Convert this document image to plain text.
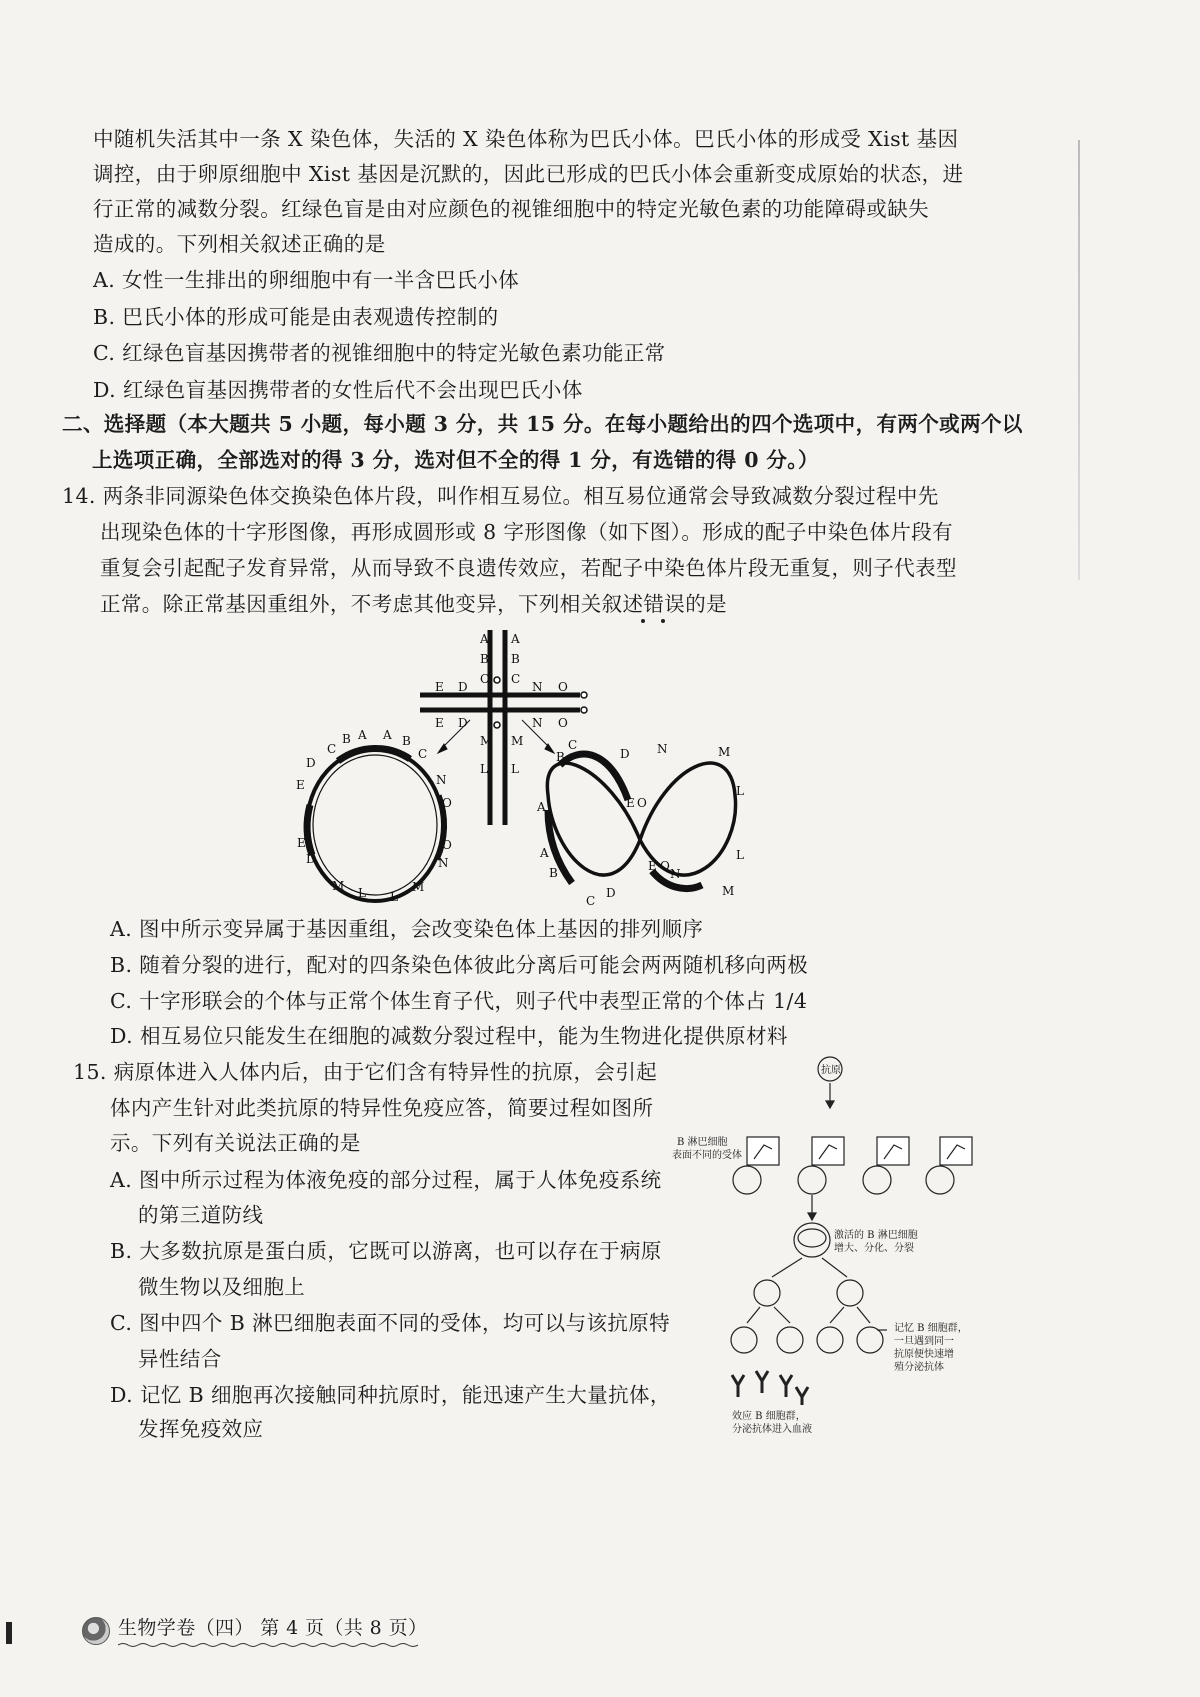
中随机失活其中一条 X 染色体，失活的 X 染色体称为巴氏小体。巴氏小体的形成受 Xist 基因
调控，由于卵原细胞中 Xist 基因是沉默的，因此已形成的巴氏小体会重新变成原始的状态，进
行正常的减数分裂。红绿色盲是由对应颜色的视锥细胞中的特定光敏色素的功能障碍或缺失
造成的。下列相关叙述正确的是
A. 女性一生排出的卵细胞中有一半含巴氏小体
B. 巴氏小体的形成可能是由表观遗传控制的
C. 红绿色盲基因携带者的视锥细胞中的特定光敏色素功能正常
D. 红绿色盲基因携带者的女性后代不会出现巴氏小体
二、选择题（本大题共 5 小题，每小题 3 分，共 15 分。在每小题给出的四个选项中，有两个或两个以
上选项正确，全部选对的得 3 分，选对但不全的得 1 分，有选错的得 0 分。）
14. 两条非同源染色体交换染色体片段，叫作相互易位。相互易位通常会导致减数分裂过程中先
出现染色体的十字形图像，再形成圆形或 8 字形图像（如下图）。形成的配子中染色体片段有
重复会引起配子发育异常，从而导致不良遗传效应，若配子中染色体片段无重复，则子代表型
正常。除正常基因重组外，不考虑其他变异，下列相关叙述错误的是
A
B
C
A
B
C
E D
E D
N O
N O
M
L
M
L
C
B A A B
C
N
O
O
N
M L L
M
D
E
E
D
A
B
C
D
E O
N	M
L
L
M
N
O
E
D
C
B
A
A. 图中所示变异属于基因重组，会改变染色体上基因的排列顺序
B. 随着分裂的进行，配对的四条染色体彼此分离后可能会两两随机移向两极
C. 十字形联会的个体与正常个体生育子代，则子代中表型正常的个体占 1/4
D. 相互易位只能发生在细胞的减数分裂过程中，能为生物进化提供原材料
15. 病原体进入人体内后，由于它们含有特异性的抗原，会引起
体内产生针对此类抗原的特异性免疫应答，简要过程如图所
示。下列有关说法正确的是
A. 图中所示过程为体液免疫的部分过程，属于人体免疫系统
的第三道防线
B. 大多数抗原是蛋白质，它既可以游离，也可以存在于病原
微生物以及细胞上
C. 图中四个 B 淋巴细胞表面不同的受体，均可以与该抗原特
异性结合
D. 记忆 B 细胞再次接触同种抗原时，能迅速产生大量抗体，
发挥免疫效应
抗原
B 淋巴细胞
表面不同的受体
激活的 B 淋巴细胞
增大、分化、分裂
记忆 B 细胞群，
一旦遇到同一
抗原便快速增
殖分泌抗体
效应 B 细胞群，
分泌抗体进入血液
生物学卷（四） 第 4 页（共 8 页）
